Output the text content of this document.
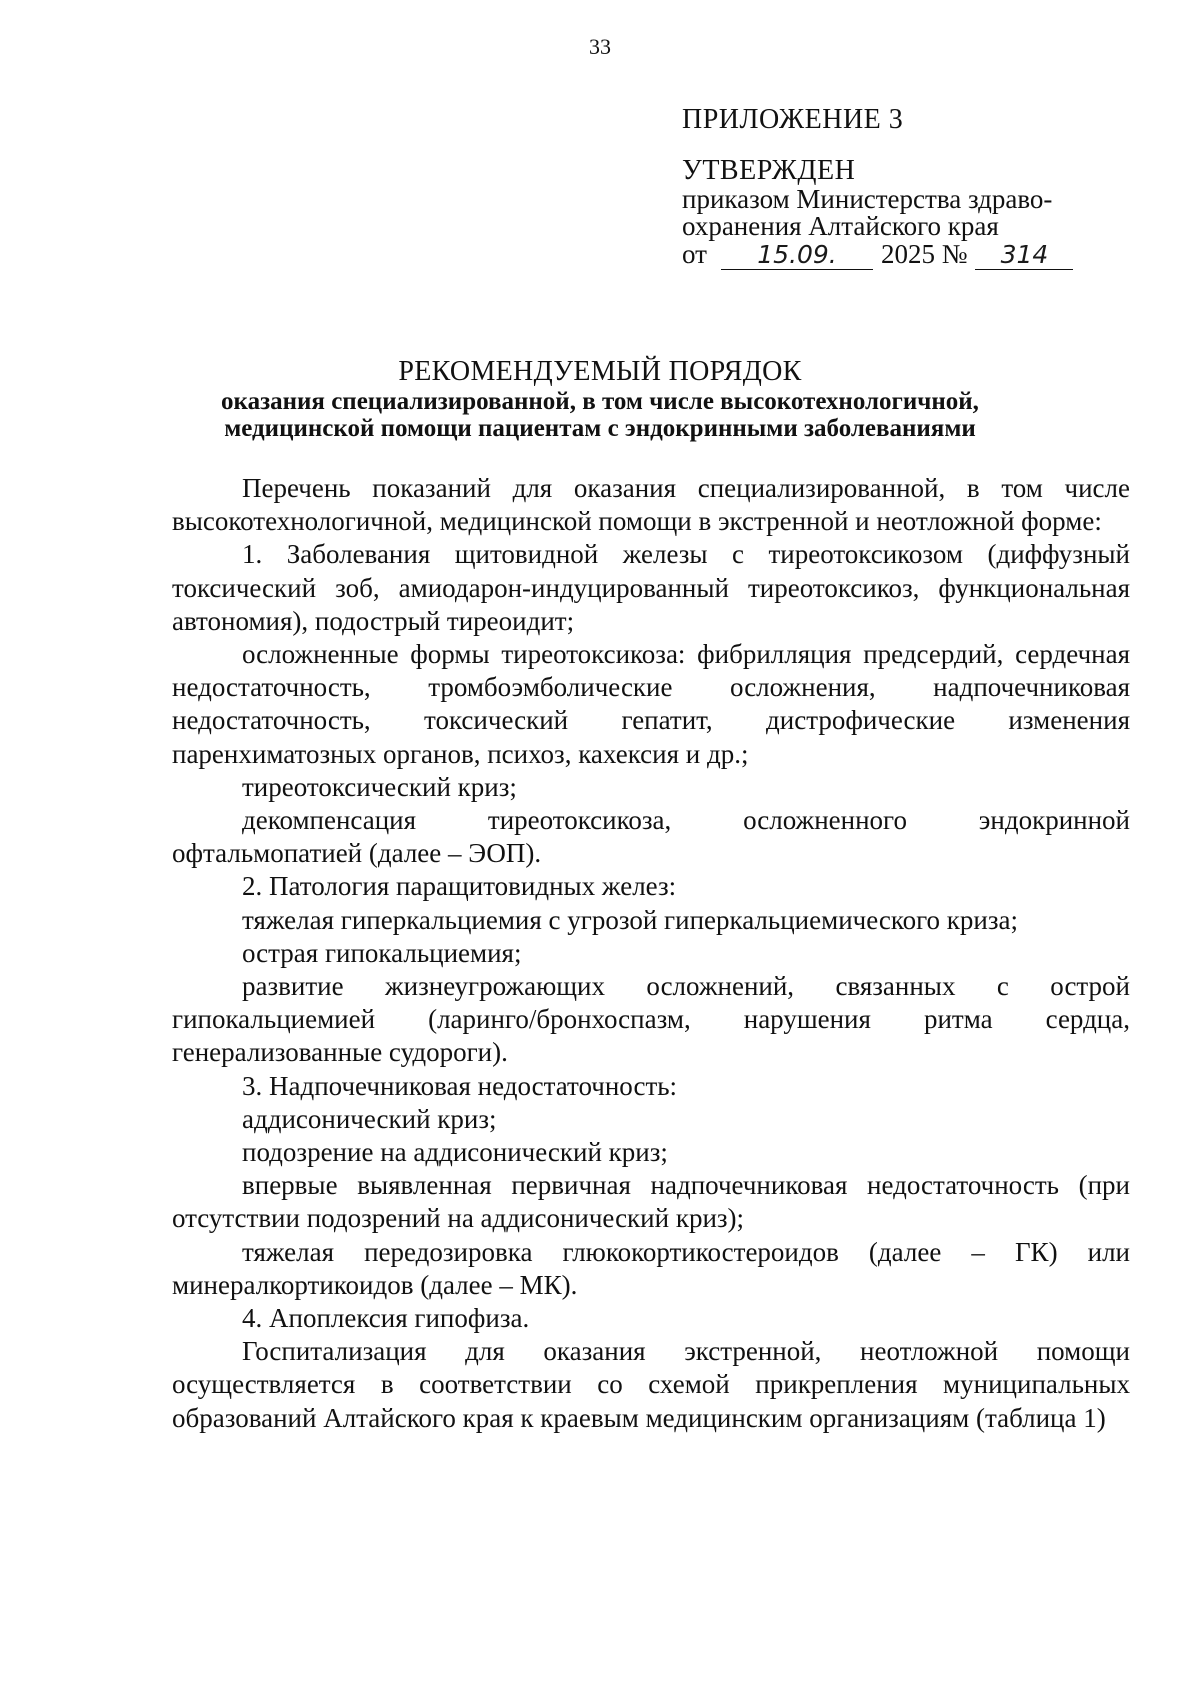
33
ПРИЛОЖЕНИЕ 3
УТВЕРЖДЕН
приказом Министерства здраво-
охранения Алтайского края
от	15.09.	2025 №	314
РЕКОМЕНДУЕМЫЙ ПОРЯДОК
оказания специализированной, в том числе высокотехнологичной,
медицинской помощи пациентам с эндокринными заболеваниями

Перечень показаний для оказания специализированной, в том числе высокотехнологичной, медицинской помощи в экстренной и неотложной форме:

1. Заболевания щитовидной железы с тиреотоксикозом (диффузный токсический зоб, амиодарон-индуцированный тиреотоксикоз, функциональная автономия), подострый тиреоидит;

осложненные формы тиреотоксикоза: фибрилляция предсердий, сердечная недостаточность, тромбоэмболические осложнения, надпочечниковая недостаточность, токсический гепатит, дистрофические изменения паренхиматозных органов, психоз, кахексия и др.;

тиреотоксический криз;

декомпенсация тиреотоксикоза, осложненного эндокринной офтальмопатией (далее – ЭОП).

2. Патология паращитовидных желез:

тяжелая гиперкальциемия с угрозой гиперкальциемического криза;

острая гипокальциемия;

развитие жизнеугрожающих осложнений, связанных с острой гипокальциемией (ларинго/бронхоспазм, нарушения ритма сердца, генерализованные судороги).

3. Надпочечниковая недостаточность:

аддисонический криз;

подозрение на аддисонический криз;

впервые выявленная первичная надпочечниковая недостаточность (при отсутствии подозрений на аддисонический криз);

тяжелая передозировка глюкокортикостероидов (далее – ГК) или минералкортикоидов (далее – МК).

4. Апоплексия гипофиза.

Госпитализация для оказания экстренной, неотложной помощи осуществляется в соответствии со схемой прикрепления муниципальных образований Алтайского края к краевым медицинским организациям (таблица 1)
